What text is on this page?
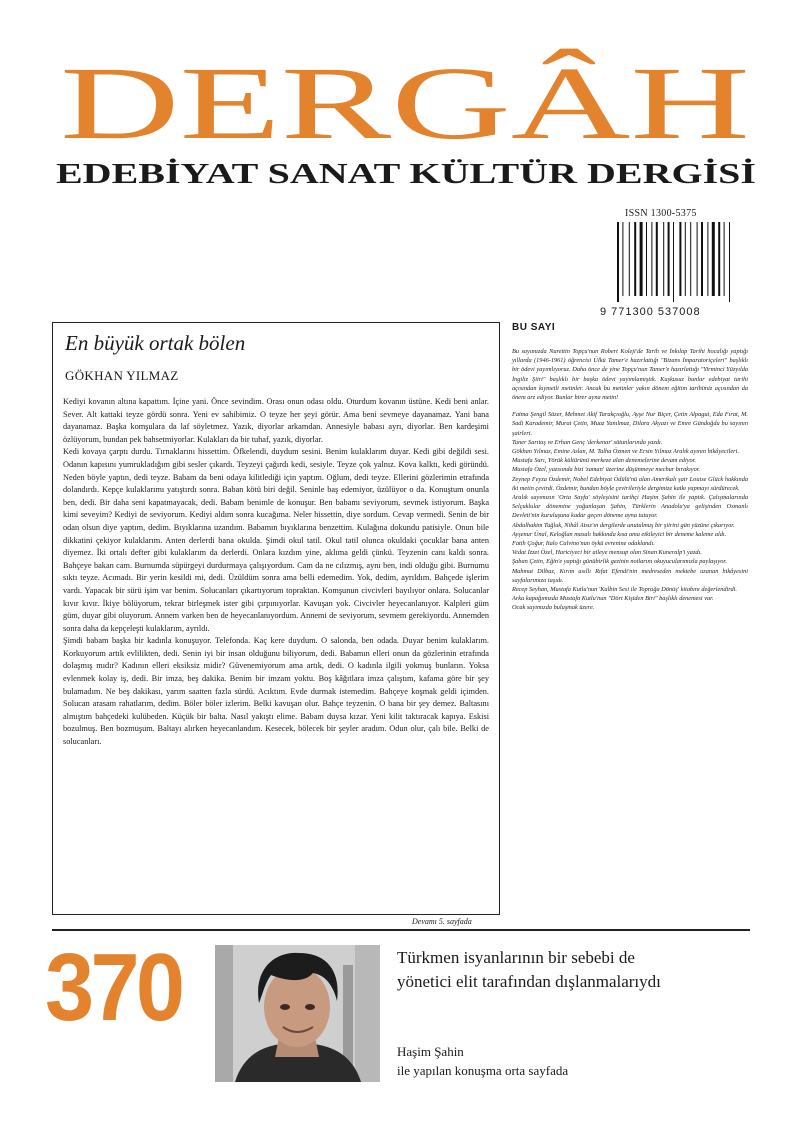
DERGÂH
EDEBİYAT SANAT KÜLTÜR DERGİSİ
ISSN 1300-5375
9 771300 537008
En büyük ortak bölen
GÖKHAN YILMAZ

Kediyi kovanın altına kapattım. İçine yani. Önce sevindim. Orası onun odası oldu. Oturdum kovanın üstüne. Kedi beni anlar. Sever. Alt kattaki teyze gördü sonra. Yeni ev sahibimiz. O teyze her şeyi görür. Ama beni sevmeye dayanamaz. Yani bana dayanamaz. Başka komşulara da laf söyletmez. Yazık, diyorlar arkamdan. Annesiyle babası ayrı, diyorlar. Ben kardeşimi özlüyorum, bundan pek bahsetmiyorlar. Kulakları da bir tuhaf, yazık, diyorlar.

Kedi kovaya çarptı durdu. Tırnaklarını hissettim. Öfkelendi, duydum sesini. Benim kulaklarım duyar. Kedi gibi değildi sesi. Odanın kapısını yumrukladığım gibi sesler çıkardı. Teyzeyi çağırdı kedi, sesiyle. Teyze çok yalnız. Kova kalktı, kedi göründü. Neden böyle yaptın, dedi teyze. Babam da beni odaya kilitlediği için yaptım. Oğlum, dedi teyze. Ellerini gözlerimin etrafında dolandırdı. Kepçe kulaklarımı yatıştırdı sonra. Baban kötü biri değil. Seninle baş edemiyor, üzülüyor o da. Konuştum onunla ben, dedi. Bir daha seni kapatmayacak, dedi. Babam benimle de konuşur. Ben babamı seviyorum, sevmek istiyorum. Başka kimi seveyim? Kediyi de seviyorum. Kediyi aldım sonra kucağıma. Neler hissettin, diye sordum. Cevap vermedi. Senin de bir odan olsun diye yaptım, dedim. Bıyıklarına uzandım. Babamın bıyıklarına benzettim. Kulağına dokundu patisiyle. Onun bile dikkatini çekiyor kulaklarım. Anten derlerdi bana okulda. Şimdi okul tatil. Okul tatil olunca okuldaki çocuklar bana anten diyemez. İki ortalı defter gibi kulaklarım da derlerdi. Onlara kızdım yine, aklıma geldi çünkü. Teyzenin canı kaldı sonra. Bahçeye bakan cam. Burnumda süpürgeyi durdurmaya çalışıyordum. Cam da ne cılızmış, aynı ben, indi olduğu gibi. Burnumu sıktı teyze. Acımadı. Bir yerin kesildi mi, dedi. Üzüldüm sonra ama belli edemedim. Yok, dedim, ayrıldım. Bahçede işlerim vardı. Yapacak bir sürü işim var benim. Solucanları çıkartıyorum topraktan. Komşunun civcivleri bayılıyor onlara. Solucanlar kıvır kıvır. İkiye bölüyorum, tekrar birleşmek ister gibi çırpınıyorlar. Kavuşan yok. Civcivler heyecanlanıyor. Kalpleri güm güm, duyar gibi oluyorum. Annem varken ben de heyecanlanıyordum. Annemi de seviyorum, sevmem gerekiyordu. Annemden sonra daha da kepçeleşti kulaklarım, ayrıldı.

Şimdi babam başka bir kadınla konuşuyor. Telefonda. Kaç kere duydum. O salonda, ben odada. Duyar benim kulaklarım. Korkuyorum artık evlilikten, dedi. Senin iyi bir insan olduğunu biliyorum, dedi. Babamın elleri onun da gözlerinin etrafında dolaşmış mıdır? Kadının elleri eksiksiz midir? Güvenemiyorum ama artık, dedi. O kadınla ilgili yokmuş bunların. Yoksa evlenmek kolay iş, dedi. Bir imza, beş dakika. Benim bir imzam yoktu. Boş kâğıtlara imza çalıştım, kafama göre bir şey bulamadım. Ne beş dakikası, yarım saatten fazla sürdü. Acıktım. Evde durmak istemedim. Bahçeye koşmak geldi içimden. Solucan arasam rahatlarım, dedim. Böler böler izlerim. Belki kavuşan olur. Bahçe teyzenin. O bana bir şey demez. Baltasını almıştım bahçedeki kulübeden. Küçük bir balta. Nasıl yakıştı elime. Babam duysa kızar. Yeni kilit taktıracak kapıya. Eskisi bozulmuş. Ben bozmuşum. Baltayı alırken heyecanlandım. Kesecek, bölecek bir şeyler aradım. Odun olur, çalı bile. Belki de solucanları.

Devamı 5. sayfada
BU SAYI

Bu sayımızda Nurettin Topçu'nun Robert Koleji'de Tarih ve İnkılap Tarihi hocalığı yaptığı yıllarda (1946-1961) öğrencisi Ülkü Tamer'e hazırlattığı "Bizans İmparatoriçeleri" başlıklı bir ödevi yayımlıyoruz. Daha önce de yine Topçu'nun Tamer'e hazırlattığı "Yirminci Yüzyılda İngiliz Şiiri" başlıklı bir başka ödevi yayımlamıştık. Kuşkusuz bunlar edebiyat tarihi açısından kıymetli metinler. Ancak bu metinler yakın dönem eğitim tarihimiz açısından da önem arz ediyor. Bunlar birer ayna metin!

Fatma Şengil Süzer, Mehmet Akif Tarakçıoğlu, Ayşe Nur Biçer, Çetin Alpagut, Eda Fırat, M. Sadi Karademir, Murat Çetin, Muaz Yanılmaz, Dilara Akyazı ve Emre Gündoğdu bu sayının şairleri.

Taner Sarıtaş ve Erhan Genç 'derkenar' sütunlarında yazdı.

Gökhan Yılmaz, Emine Aslan, M. Talha Özmen ve Ersin Yılmaz Aralık ayının hikâyecileri.

Mustafa Sarı, Yörük kültürünü merkeze alan denemelerine devam ediyor.

Mustafa Özel, yazısında bizi 'zaman' üzerine düşünmeye mecbur bırakıyor.

Zeynep Feyza Özdemir, Nobel Edebiyat Ödülü'nü alan Amerikalı şair Louise Glück hakkında iki metin çevirdi. Özdemir, bundan böyle çevirileriyle dergimize katkı yapmayı sürdürecek.

Aralık sayımızın 'Orta Sayfa' söyleşisini tarihçi Haşim Şahin ile yaptık. Çalışmalarında Selçuklular dönemine yoğunlaşan Şahin, Türklerin Anadolu'ya gelişinden Osmanlı Devleti'nin kuruluşuna kadar geçen döneme ayna tutuyor.

Abdulhakim Tuğluk, Nihâl Atsız'ın dergilerde unutulmuş bir şiirini gün yüzüne çıkarıyor.

Ayşenur Ünal, Keloğlan masalı hakkında kısa ama etkileyici bir deneme kaleme aldı.

Fatih Çoğur, Italo Calvino'nun öykü evrenine odaklandı.

Vedat İzzet Özel, Hariciyeci bir aileye mensup olan Sinan Kuneralp'i yazdı.

Şaban Çetin, Eğin'e yaptığı günübirlik gezinin notlarını okuyucularımızla paylaşıyor.

Mahmut Dilbaz, Kırım asıllı Rıfat Efendi'nin medreseden mektebe uzanan hikâyesini sayfalarımıza taşıdı.

Recep Seyhan, Mustafa Kutlu'nun 'Kalbin Sesi ile Toprağa Dönüş' kitabını değerlendirdi.

Arka kapağımızda Mustafa Kutlu'nun "Dört Kişiden Biri" başlıklı denemesi var.

Ocak sayımızda buluşmak üzere.

370	Türkmen isyanlarının bir sebebi de
yönetici elit tarafından dışlanmalarıydı
Haşim Şahin
ile yapılan konuşma orta sayfada
